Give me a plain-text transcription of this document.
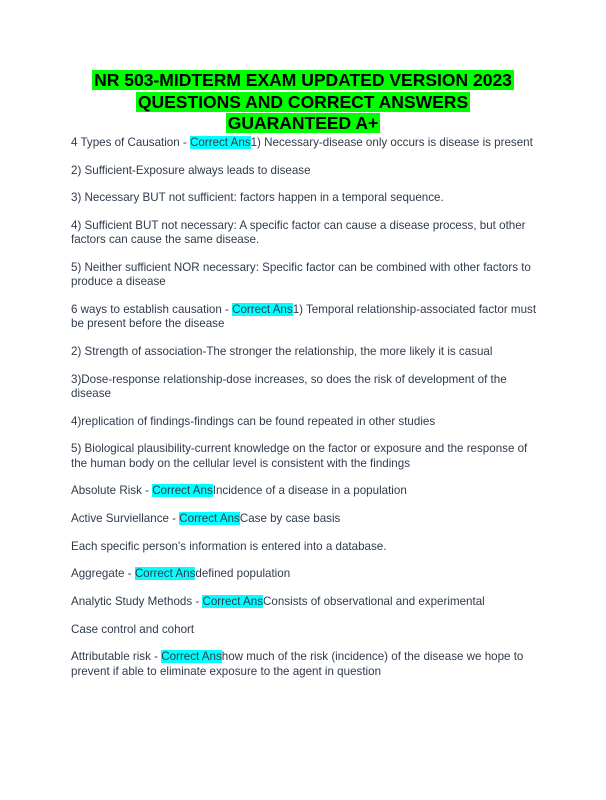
NR 503-MIDTERM EXAM UPDATED VERSION 2023
QUESTIONS AND CORRECT ANSWERS
GUARANTEED A+

4 Types of Causation - Correct Ans1) Necessary-disease only occurs is disease is present

2) Sufficient-Exposure always leads to disease

3) Necessary BUT not sufficient: factors happen in a temporal sequence.

4) Sufficient BUT not necessary: A specific factor can cause a disease process, but other factors can cause the same disease.

5) Neither sufficient NOR necessary: Specific factor can be combined with other factors to produce a disease

6 ways to establish causation - Correct Ans1) Temporal relationship-associated factor must be present before the disease

2) Strength of association-The stronger the relationship, the more likely it is casual

3)Dose-response relationship-dose increases, so does the risk of development of the disease

4)replication of findings-findings can be found repeated in other studies

5) Biological plausibility-current knowledge on the factor or exposure and the response of the human body on the cellular level is consistent with the findings

Absolute Risk - Correct AnsIncidence of a disease in a population

Active Surviellance - Correct AnsCase by case basis

Each specific person's information is entered into a database.

Aggregate - Correct Ansdefined population

Analytic Study Methods - Correct AnsConsists of observational and experimental

Case control and cohort

Attributable risk - Correct Anshow much of the risk (incidence) of the disease we hope to prevent if able to eliminate exposure to the agent in question
